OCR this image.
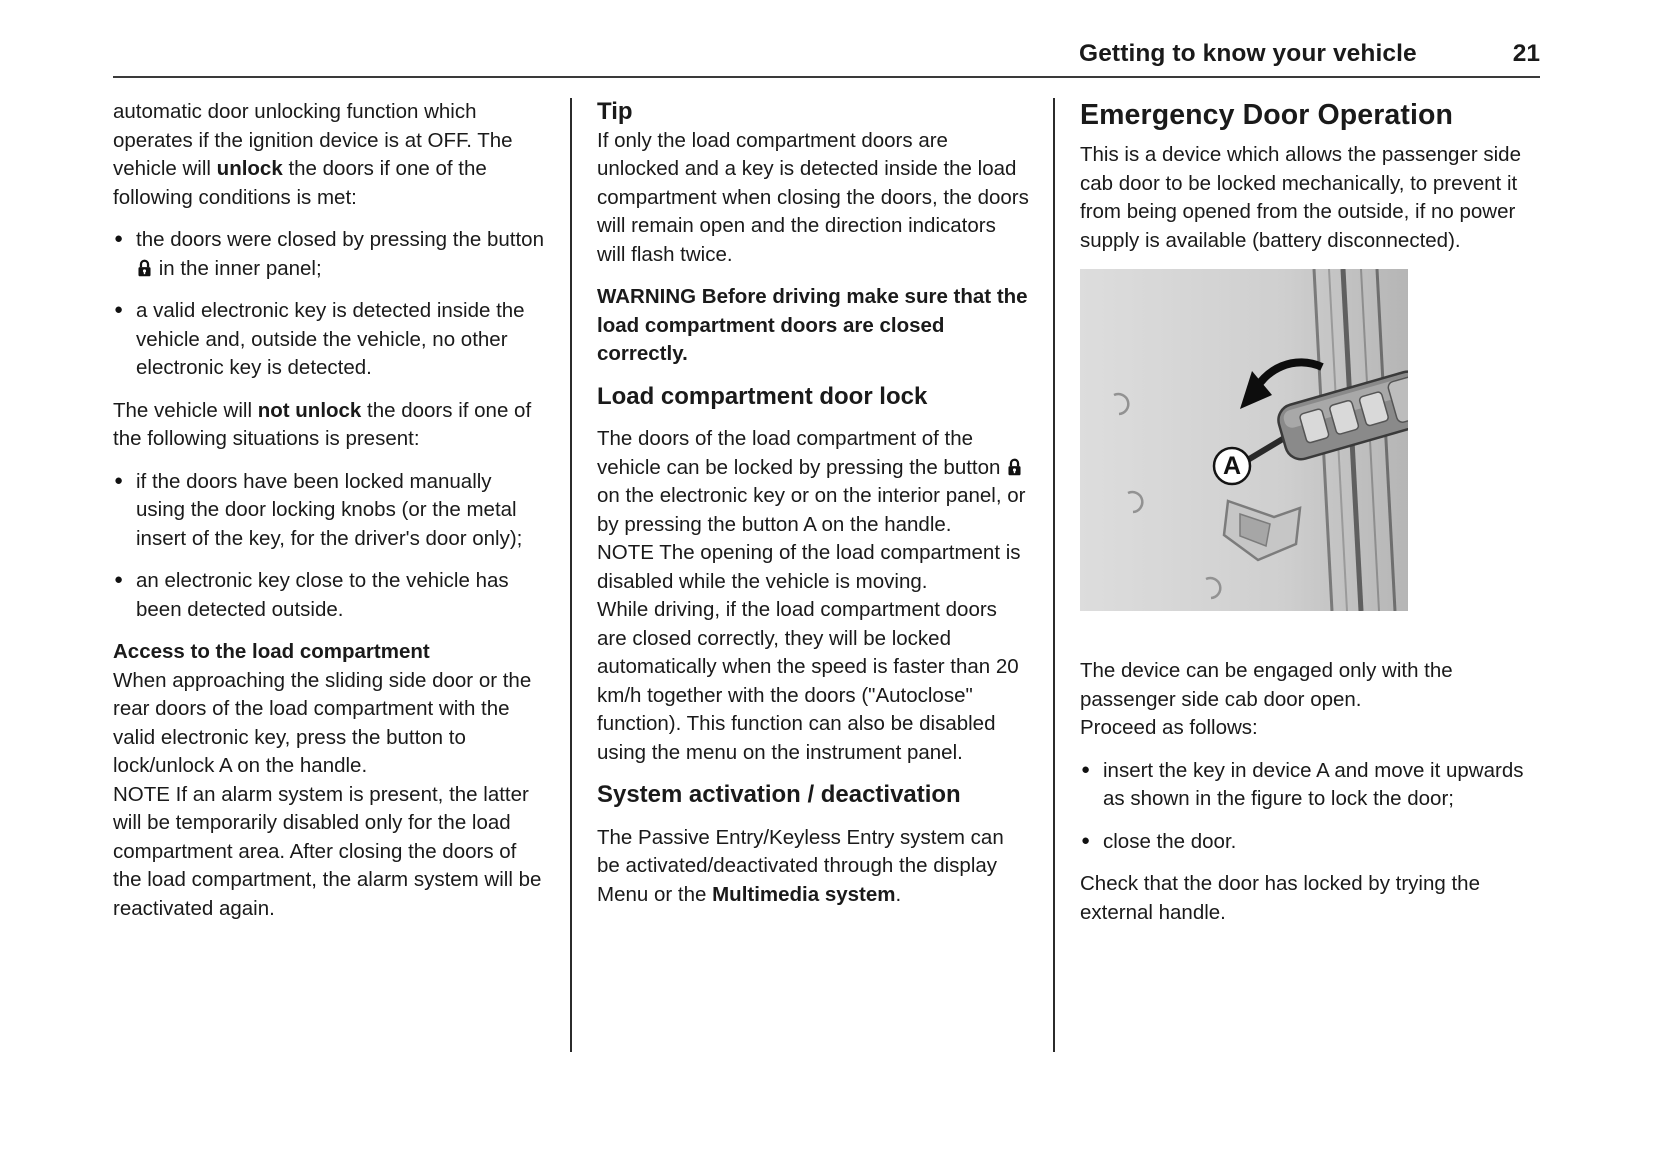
Getting to know your vehicle	21

automatic door unlocking function which operates if the ignition device is at OFF. The vehicle will unlock the doors if one of the following conditions is met:

● the doors were closed by pressing the button  in the inner panel;
● a valid electronic key is detected inside the vehicle and, outside the vehicle, no other electronic key is detected.

The vehicle will not unlock the doors if one of the following situations is present:

● if the doors have been locked manually using the door locking knobs (or the metal insert of the key, for the driver's door only);
● an electronic key close to the vehicle has been detected outside.
Access to the load compartment

When approaching the sliding side door or the rear doors of the load compartment with the valid electronic key, press the button to lock/unlock A on the handle.

NOTE If an alarm system is present, the latter will be temporarily disabled only for the load compartment area. After closing the doors of the load compartment, the alarm system will be reactivated again.

Tip

If only the load compartment doors are unlocked and a key is detected inside the load compartment when closing the doors, the doors will remain open and the direction indicators will flash twice.

WARNING Before driving make sure that the load compartment doors are closed correctly.

Load compartment door lock

The doors of the load compartment of the vehicle can be locked by pressing the button  on the electronic key or on the interior panel, or by pressing the button A on the handle.

NOTE The opening of the load compartment is disabled while the vehicle is moving.

While driving, if the load compartment doors are closed correctly, they will be locked automatically when the speed is faster than 20 km/h together with the doors ("Autoclose" function). This function can also be disabled using the menu on the instrument panel.

System activation / deactivation

The Passive Entry/Keyless Entry system can be activated/deactivated through the display Menu or the Multimedia system.

Emergency Door Operation

This is a device which allows the passenger side cab door to be locked mechanically, to prevent it from being opened from the outside, if no power supply is available (battery disconnected).

A

The device can be engaged only with the passenger side cab door open.

Proceed as follows:

● insert the key in device A and move it upwards as shown in the figure to lock the door;
● close the door.

Check that the door has locked by trying the external handle.
